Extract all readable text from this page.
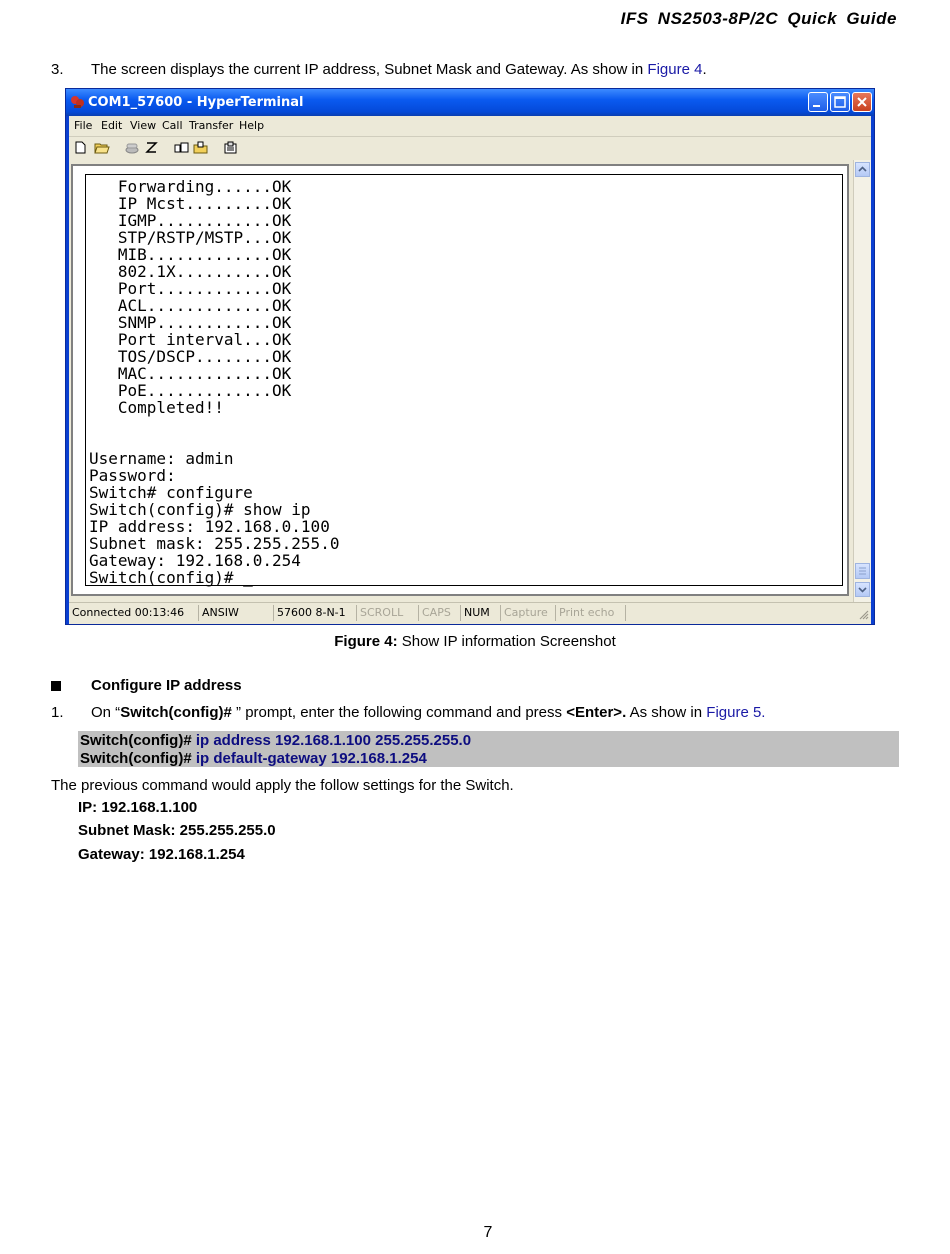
IFS NS2503-8P/2C Quick Guide
3. The screen displays the current IP address, Subnet Mask and Gateway. As show in Figure 4.
COM1_57600 - HyperTerminal
File Edit View Call Transfer Help
Forwarding......OK
IP Mcst.........OK
IGMP............OK
STP/RSTP/MSTP...OK
MIB.............OK
802.1X..........OK
Port............OK
ACL.............OK
SNMP............OK
Port interval...OK
TOS/DSCP........OK
MAC.............OK
PoE.............OK
Completed!!

Username: admin
Password:
Switch# configure
Switch(config)# show ip
IP address: 192.168.0.100
Subnet mask: 255.255.255.0
Gateway: 192.168.0.254
Switch(config)# _
Connected 00:13:46	ANSIW	57600 8-N-1	SCROLL	CAPS	NUM	Capture	Print echo
Figure 4: Show IP information Screenshot
Configure IP address
1. On “Switch(config)# ” prompt, enter the following command and press <Enter>. As show in Figure 5.
Switch(config)# ip address 192.168.1.100 255.255.255.0
Switch(config)# ip default-gateway 192.168.1.254
The previous command would apply the follow settings for the Switch.
IP: 192.168.1.100
Subnet Mask: 255.255.255.0
Gateway: 192.168.1.254
7
